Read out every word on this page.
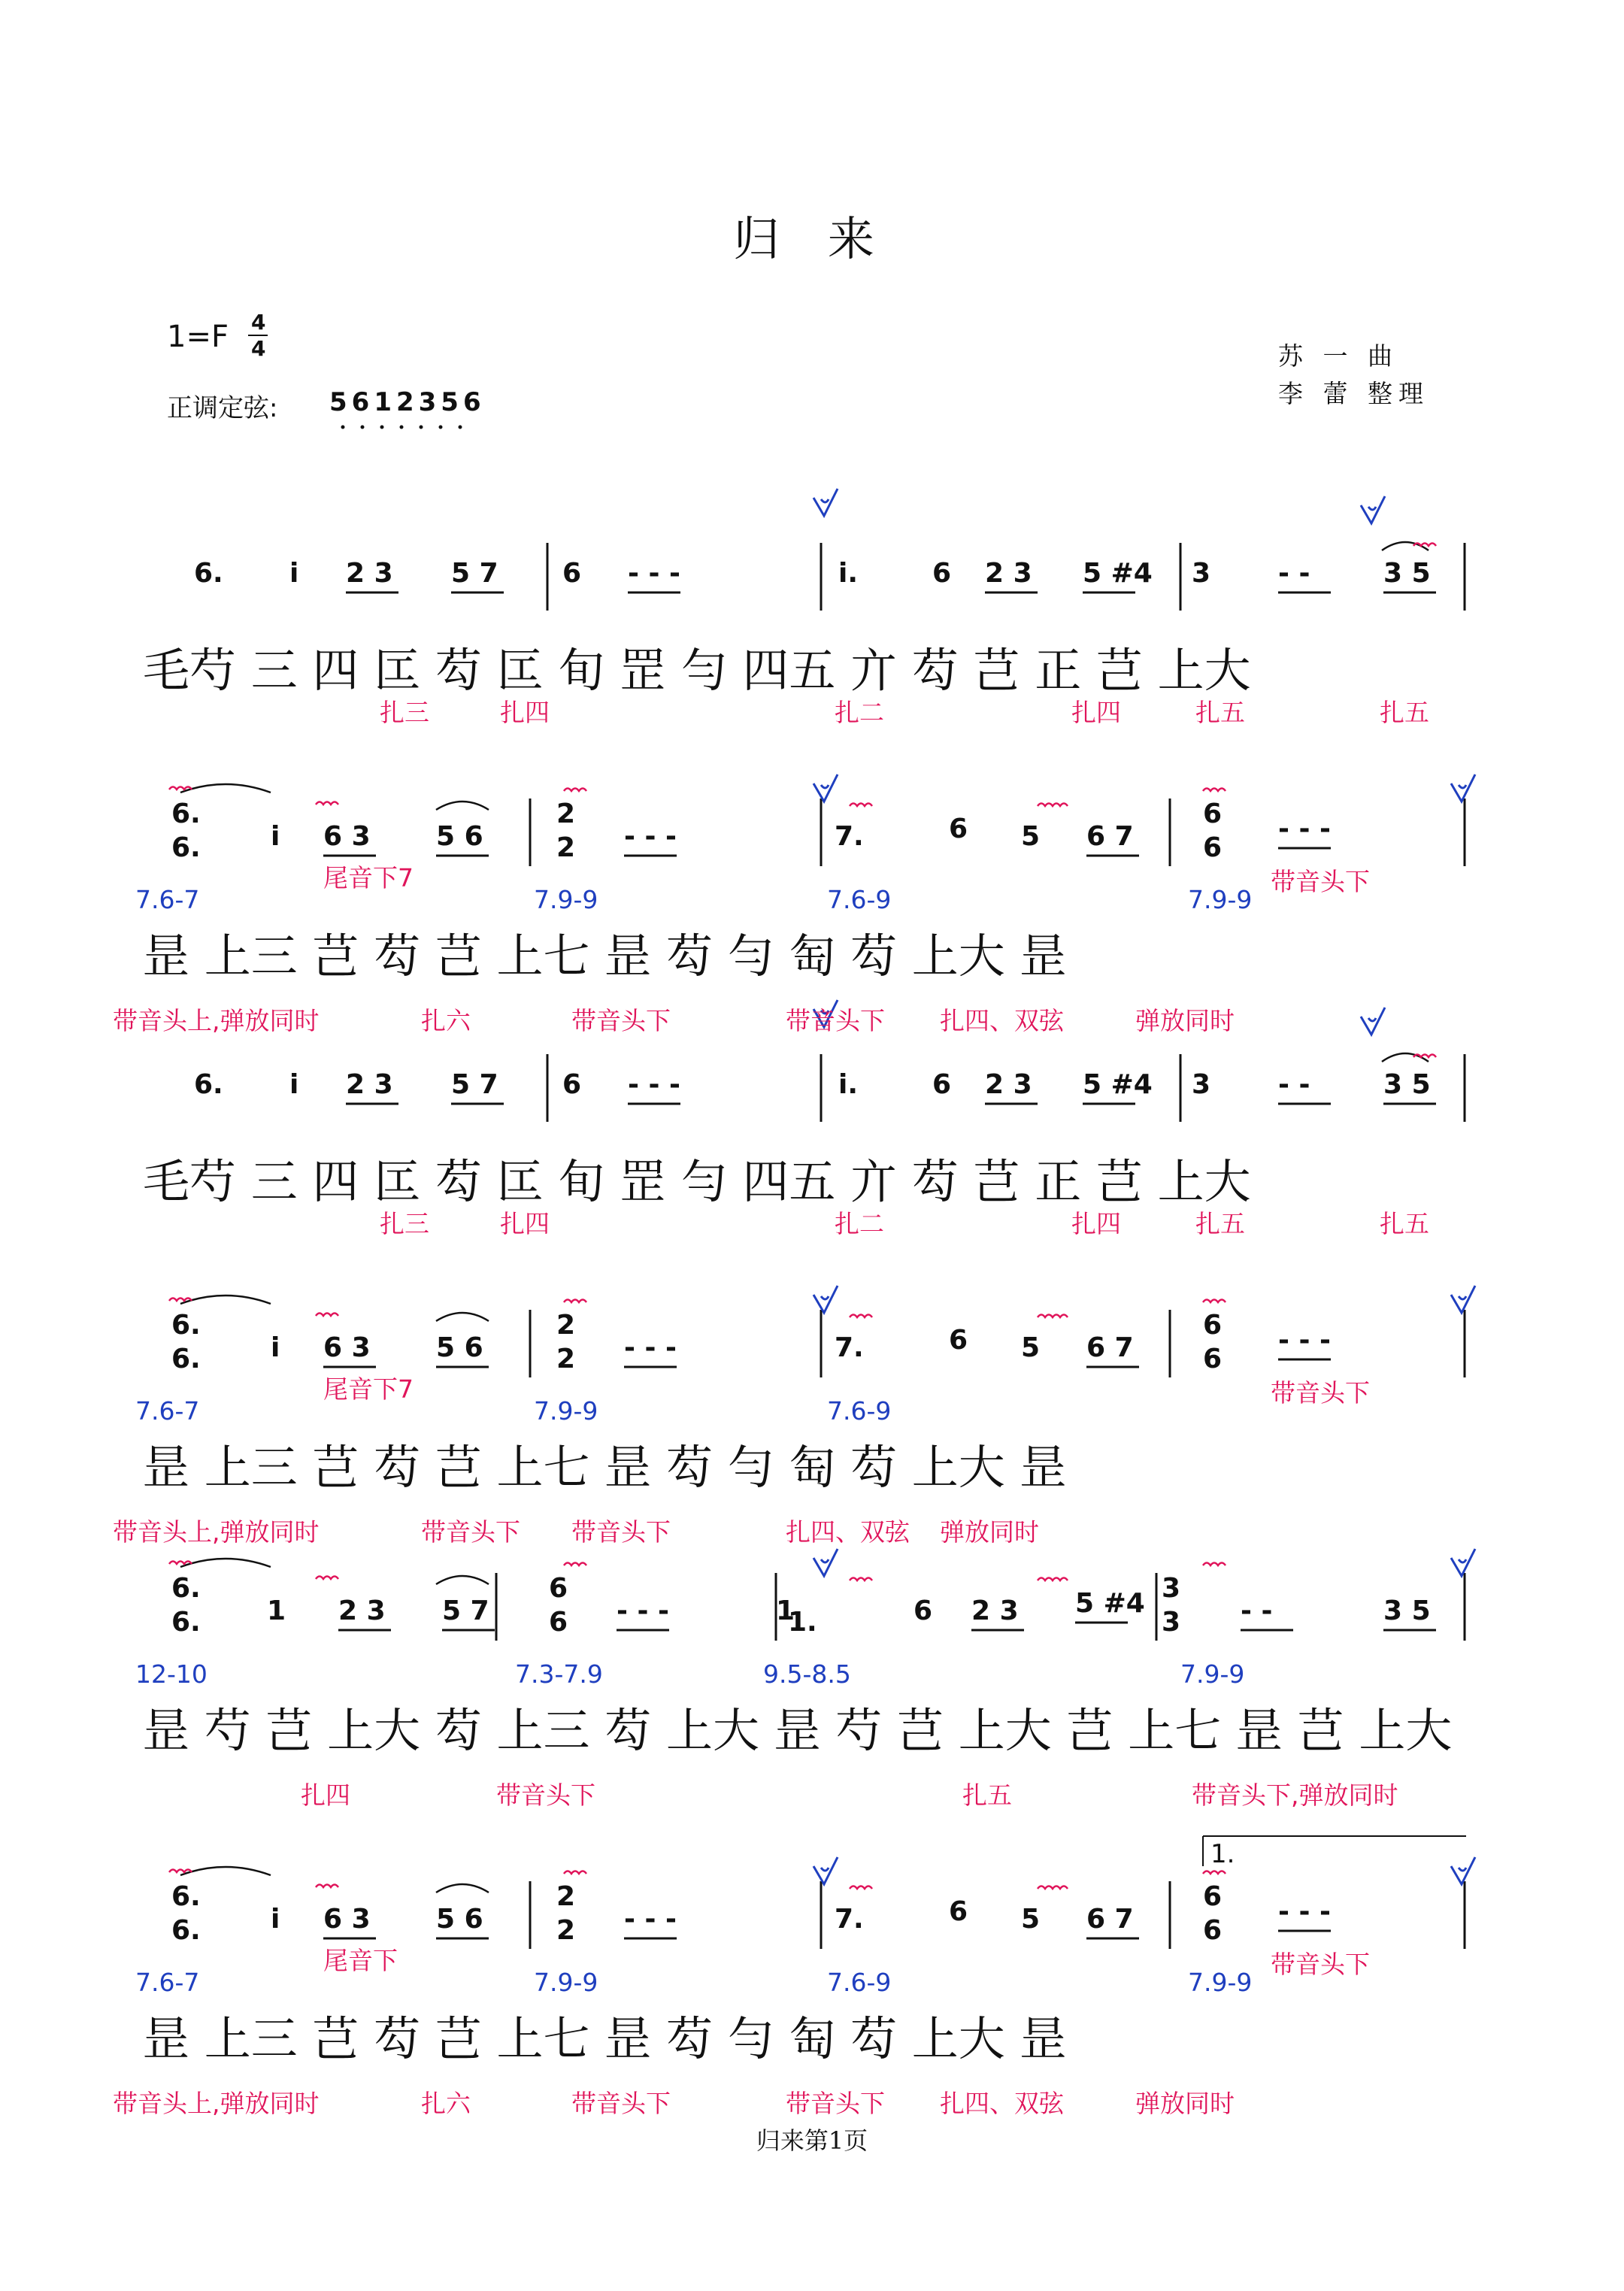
归 来
1=F 4
4
正调定弦: 5612356
苏 一 曲
李 蕾 整理
归来第1页
6. i 2 3 5 7 6 - - -	i.	6 2 3 5 #4 3 - -	3 5
毛芍 三 四 匞 芶 匞 旬 罡 勻 四五 亣 芶 芑 正 芑 上大
扎三	扎四	扎二	扎四	扎五	扎五
6.
6.	i 6 3 5 6
2
2 - - -	7.	6 5 6 7
6
6
- - -
昰 上三 芑 芶 芑 上七 昰 芶 勻 匋 芶 上大 昰
7.6-7	7.9-9	7.6-9	7.9-9
带音头上,弹放同时
尾音下7
扎六	带音头下	带音头下 扎四、双弦	弹放同时
带音头下
6. i 2 3 5 7 6 - - -	i.	6 2 3 5 #4 3 - -	3 5
毛芍 三 四 匞 芶 匞 旬 罡 勻 四五 亣 芶 芑 正 芑 上大
扎三	扎四	扎二	扎四	扎五	扎五
6.
6.	i 6 3 5 6
2
2 - - -	7.	6 5 6 7
6
6
- - -
昰 上三 芑 芶 芑 上七 昰 芶 勻 匋 芶 上大 昰
7.6-7	7.9-9	7.6-9
带音头上,弹放同时
尾音下7
带音头下 带音头下	扎四、双弦 弹放同时
带音头下
6.
6. 1 2 3 5 7
6
6 - - -	1
1.	6 2 3 5 #4 3
3 - -	3 5
昰 芍 芑 上大 芶 上三 芶 上大 昰 芍 芑 上大 芑 上七 昰 芑 上大
12-10	7.3-7.9	9.5-8.5	7.9-9
扎四	带音头下	扎五	带音头下,弹放同时
6.
6.	i 6 3 5 6
2
2 - - -	7.	6 5 6 7
6
6
- - -
昰 上三 芑 芶 芑 上七 昰 芶 勻 匋 芶 上大 昰
7.6-7	7.9-9	7.6-9	7.9-9
带音头上,弹放同时
尾音下
扎六	带音头下	带音头下 扎四、双弦	弹放同时
带音头下
1.
